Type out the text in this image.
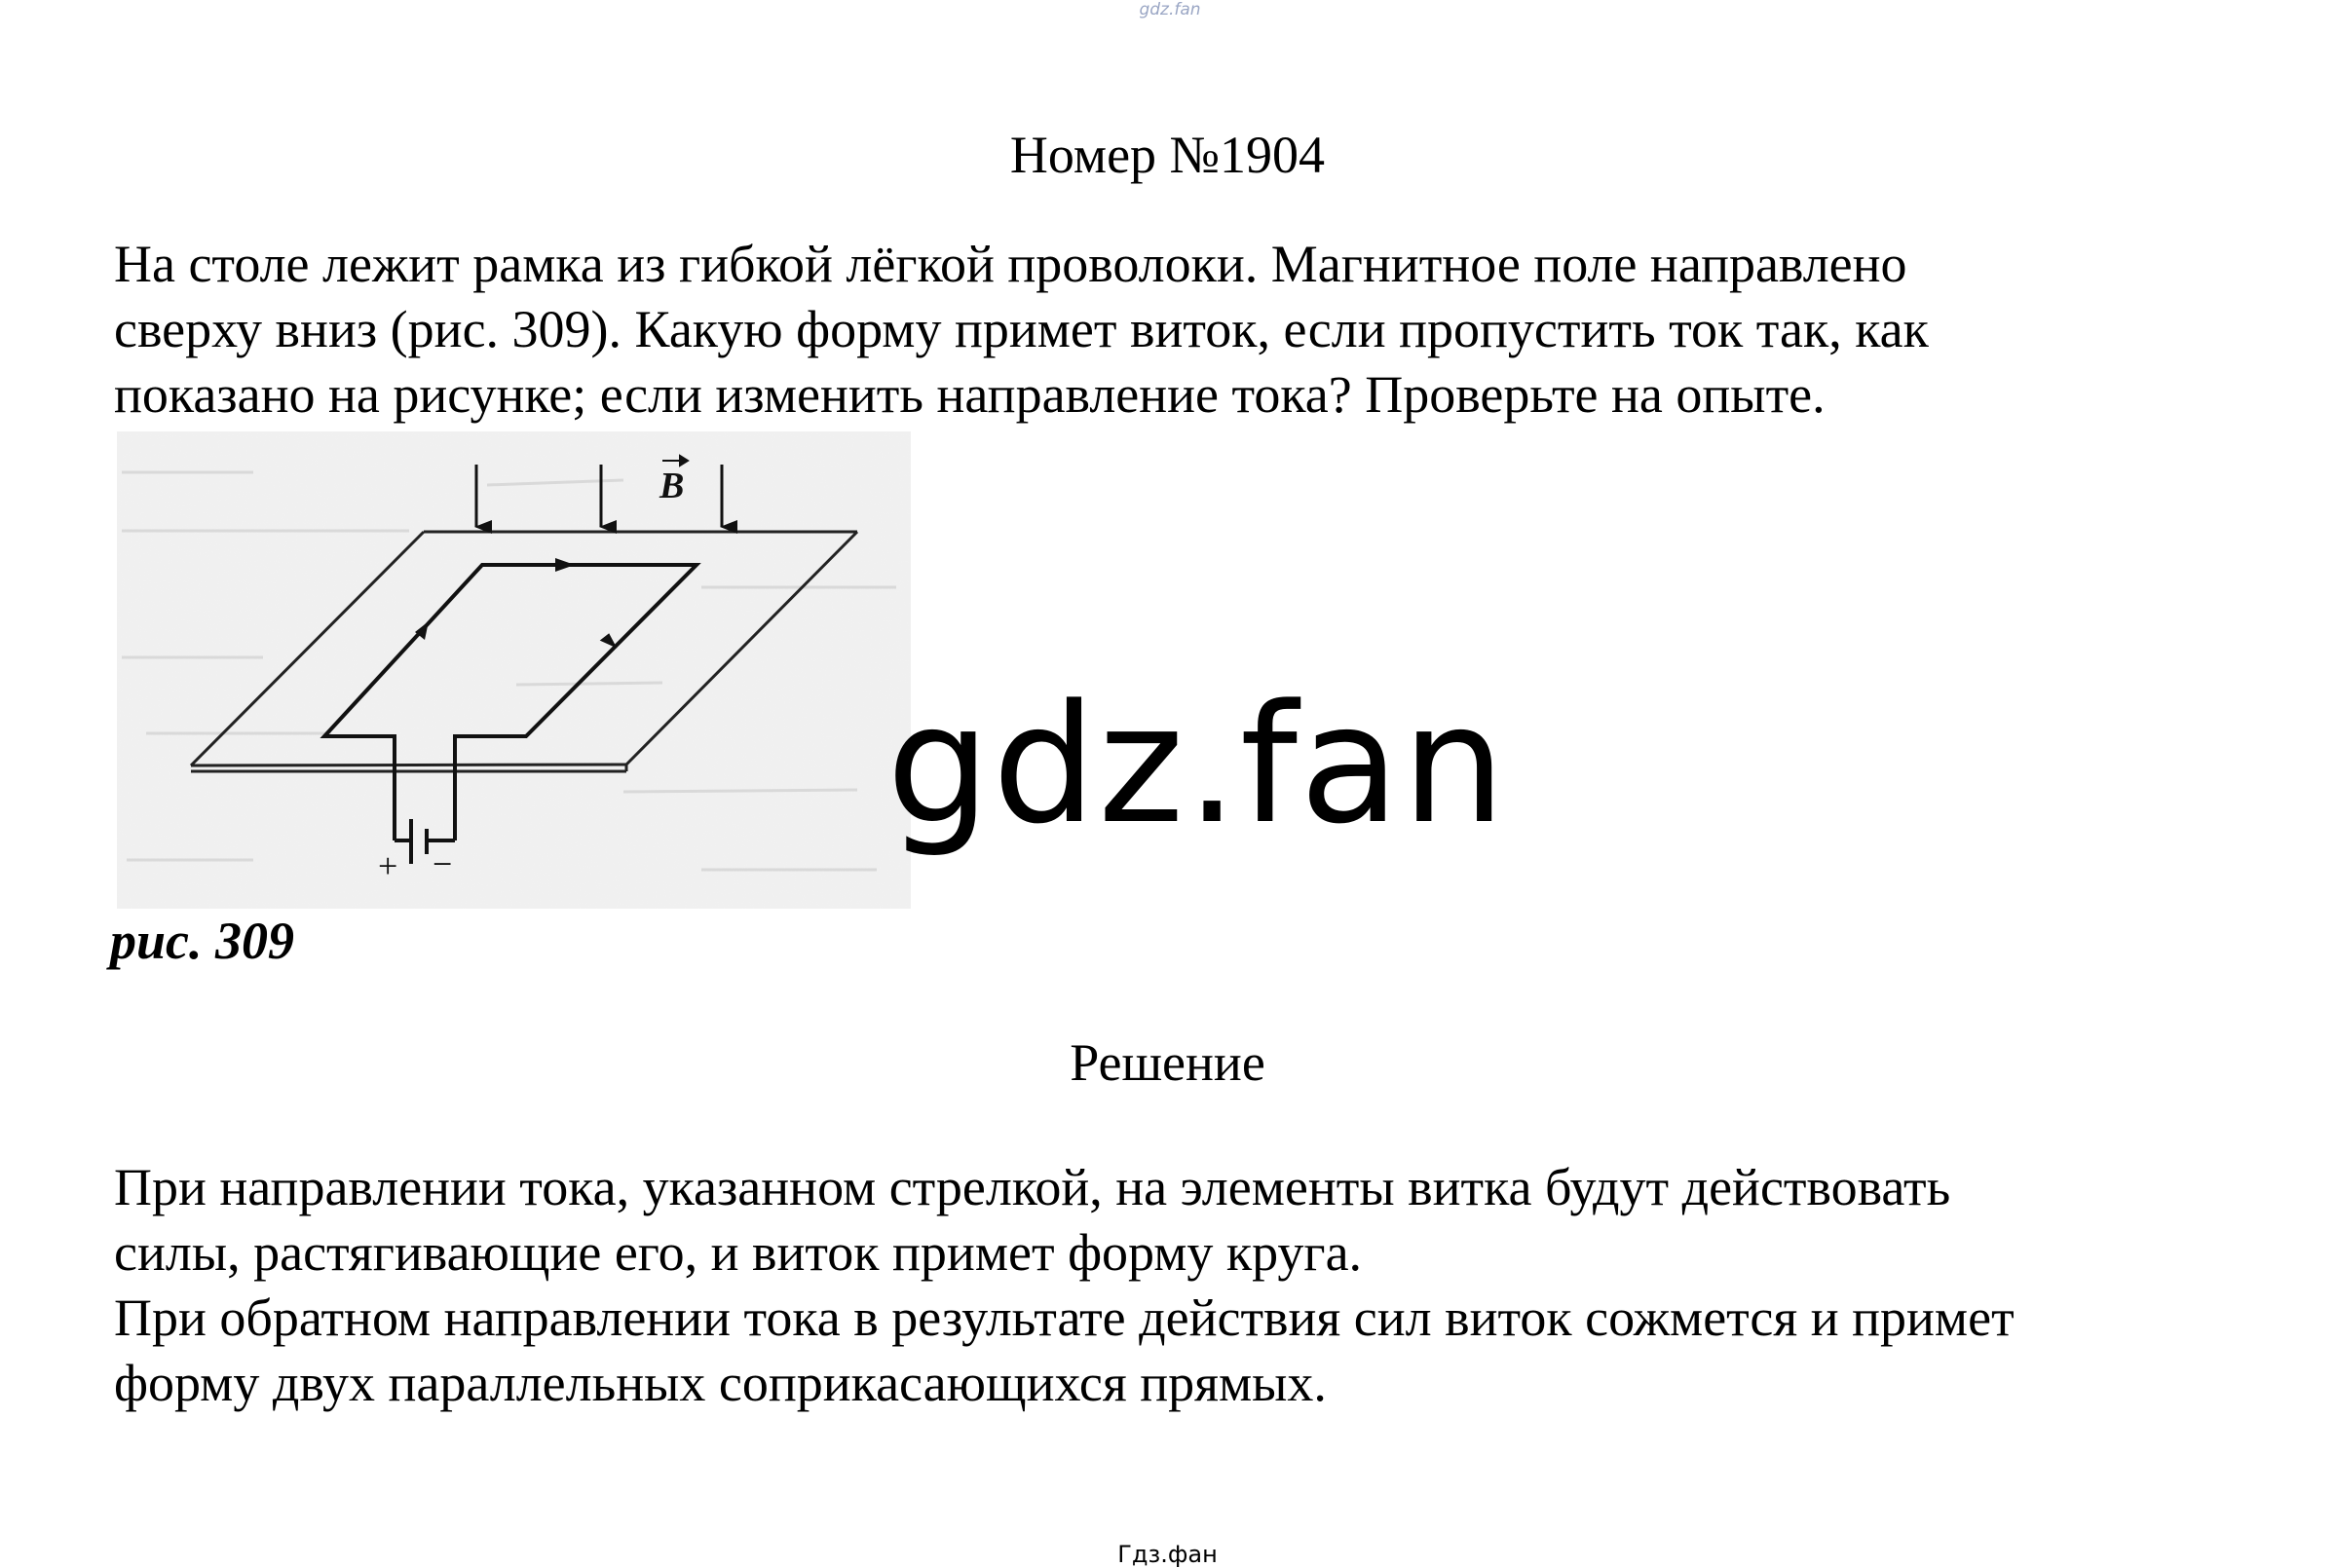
gdz.fan
Номер №1904

На столе лежит рамка из гибкой лёгкой проволоки. Магнитное поле направлено

сверху вниз (рис. 309). Какую форму примет виток, если пропустить ток так, как

показано на рисунке; если изменить направление тока? Проверьте на опыте.

+ −
B
рис. 309
gdz.fan
Решение

При направлении тока, указанном стрелкой, на элементы витка будут действовать

силы, растягивающие его, и виток примет форму круга.

При обратном направлении тока в результате действия сил виток сожмется и примет

форму двух параллельных соприкасающихся прямых.

Гдз.фан
